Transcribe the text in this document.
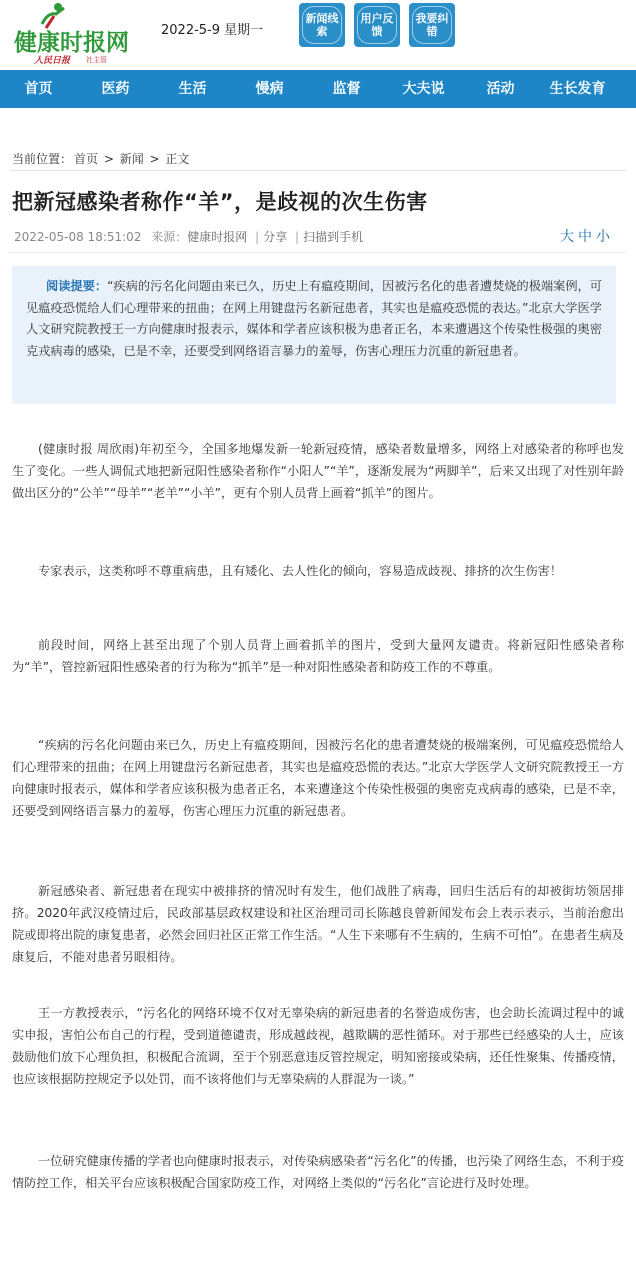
健康时报网
人民日报 社主管
2022-5-9 星期一
新闻线索
用户反馈
我要纠错
首页	医药	生活	慢病	监督	大夫说	活动	生长发育
当前位置： 首页 > 新闻 > 正文
把新冠感染者称作“羊”，是歧视的次生伤害
2022-05-08 18:51:02 来源：健康时报网 | 分享 | 扫描到手机	大 中 小
阅读提要：“疾病的污名化问题由来已久，历史上有瘟疫期间，因被污名化的患者遭焚烧的极端案例，可见瘟疫恐慌给人们心理带来的扭曲；在网上用键盘污名新冠患者，其实也是瘟疫恐慌的表达。”北京大学医学人文研究院教授王一方向健康时报表示，媒体和学者应该积极为患者正名，本来遭遇这个传染性极强的奥密克戎病毒的感染，已是不幸，还要受到网络语言暴力的羞辱，伤害心理压力沉重的新冠患者。

(健康时报 周欣雨)年初至今，全国多地爆发新一轮新冠疫情，感染者数量增多，网络上对感染者的称呼也发生了变化。一些人调侃式地把新冠阳性感染者称作“小阳人”“羊”，逐渐发展为“两脚羊”，后来又出现了对性别年龄做出区分的“公羊”“母羊”“老羊”“小羊”，更有个别人员背上画着“抓羊”的图片。

专家表示，这类称呼不尊重病患，且有矮化、去人性化的倾向，容易造成歧视、排挤的次生伤害！

前段时间，网络上甚至出现了个别人员背上画着抓羊的图片，受到大量网友谴责。将新冠阳性感染者称为“羊”，管控新冠阳性感染者的行为称为“抓羊”是一种对阳性感染者和防疫工作的不尊重。

“疾病的污名化问题由来已久，历史上有瘟疫期间，因被污名化的患者遭焚烧的极端案例，可见瘟疫恐慌给人们心理带来的扭曲；在网上用键盘污名新冠患者，其实也是瘟疫恐慌的表达。”北京大学医学人文研究院教授王一方向健康时报表示，媒体和学者应该积极为患者正名，本来遭逢这个传染性极强的奥密克戎病毒的感染，已是不幸，还要受到网络语言暴力的羞辱，伤害心理压力沉重的新冠患者。

新冠感染者、新冠患者在现实中被排挤的情况时有发生，他们战胜了病毒，回归生活后有的却被街坊领居排挤。2020年武汉疫情过后，民政部基层政权建设和社区治理司司长陈越良曾新闻发布会上表示表示，当前治愈出院或即将出院的康复患者，必然会回归社区正常工作生活。“人生下来哪有不生病的，生病不可怕”。在患者生病及康复后，不能对患者另眼相待。

王一方教授表示，“污名化的网络环境不仅对无辜染病的新冠患者的名誉造成伤害，也会助长流调过程中的诚实申报，害怕公布自己的行程，受到道德谴责，形成越歧视，越欺瞒的恶性循环。对于那些已经感染的人士，应该鼓励他们放下心理负担，积极配合流调，至于个别恶意违反管控规定，明知密接或染病，还任性聚集、传播疫情，也应该根据防控规定予以处罚，而不该将他们与无辜染病的人群混为一谈。”

一位研究健康传播的学者也向健康时报表示，对传染病感染者“污名化”的传播，也污染了网络生态，不利于疫情防控工作，相关平台应该积极配合国家防疫工作，对网络上类似的“污名化”言论进行及时处理。
